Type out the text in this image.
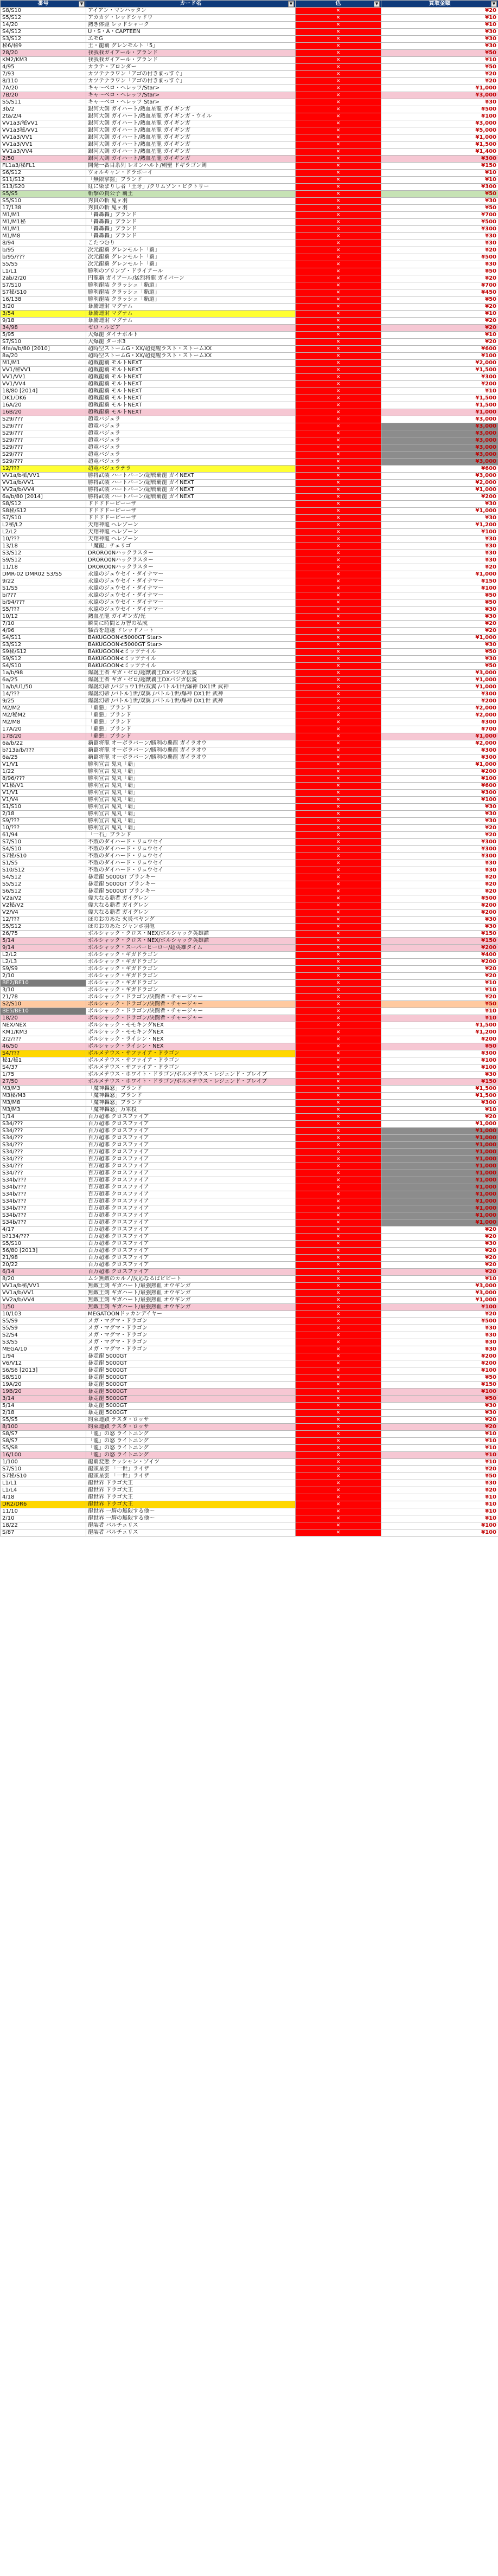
番号 ▼	カード名 ▼	色 ▼	買取金額 ▼

S8/S10	アイアン・マンハッタン	✕	¥20
S5/S12	アカカゲ・レッドシャドウ	✕	¥10
14/20	熱き体躯 レッドシャーク	✕	¥10
S4/S12	U・S・A・CAPTEEN	✕	¥30
S3/S12	エモG	✕	¥30
秘6/秘9	王・龍覇 グレンモルト「5」	✕	¥30
28/20	我我我ガイアール・ブランド	✕	¥50
KM2/KM3	我我我ガイアール・ブランド	✕	¥10
4/95	カラテ・ブロンダー	✕	¥50
7/93	カツテナラワン「アゴの付きまっすぐ」	✕	¥20
8/110	カツテナラワン「アゴの付きまっすぐ」	✕	¥20
7A/20	キャ〜ベロ・ヘレッツ/Star>	✕	¥1,000
7B/20	キャ〜ベロ・ヘレッツ/Star>	✕	¥3,000
S5/S11	キャ〜ベロ・ヘレッツ Star>	✕	¥30
3b/2	銀河大剣 ガイハート/熱血星龍 ガイギンガ	✕	¥500
2ta/2/4	銀河大剣 ガイハート/熱血星龍 ガイギンガ・ウイル	✕	¥100
VV1a3/秘VV1	銀河大剣 ガイハート/熱血星龍 ガイギンガ	✕	¥3,000
VV1a3秘/VV1	銀河大剣 ガイハート/熱血星龍 ガイギンガ	✕	¥5,000
VV1a3/VV1	銀河大剣 ガイハート/熱血星龍 ガイギンガ	✕	¥1,000
VV1a3/VV1	銀河大剣 ガイハート/熱血星龍 ガイギンガ	✕	¥1,500
VV1a3/VV4	銀河大剣 ガイハート/熱血星龍 ガイギンガ	✕	¥1,400
2/50	銀河大剣 ガイハート/熱血星龍 ガイギンガ	✕	¥300
FL1a3/秘FL1	開発一番目系列 レオンハルト/剣聖 ドギラゴン剣	✕	¥150
S6/S12	ヴォルキャン・ドラボーイ	✕	¥10
S11/S12	「無限掌握」ブランド	✕	¥10
S13/S20	紅に染まりし者「王牙」/クリムゾン・ビクトリー	✕	¥300
S5/S5	斬撃の貴公子 覇王	✕	¥50
S5/S10	秀貫の斬 鬼ヶ羽	✕	¥30
17/138	秀貫の斬 鬼ヶ羽	✕	¥50
M1/M1	「轟轟轟」ブランド	✕	¥700
M1/M1秘	「轟轟轟」ブランド	✕	¥500
M1/M1	「轟轟轟」ブランド	✕	¥300
M1/M8	「轟轟轟」ブランド	✕	¥30
8/94	こたつむり	✕	¥30
b/95	次元龍覇 グレンモルト「覇」	✕	¥20
b/95/???	次元龍覇 グレンモルト「覇」	✕	¥500
S5/S5	次元龍覇 グレンモルト「覇」	✕	¥30
L1/L1	勝利のプリンプ・ドライアール	✕	¥50
2ab/2/20	円龍覇 ガイアール/猛烈将龍 ガイバーン	✕	¥20
S7/S10	勝利龍装 クラッシュ「覇道」	✕	¥700
S7秘/S10	勝利龍装 クラッシュ「覇道」	✕	¥450
16/138	勝利龍装 クラッシュ「覇道」	✕	¥50
3/20	暴騰連射 マグナム	✕	¥20
3/54	暴騰連射 マグナム	✕	¥10
9/18	暴騰連射 マグナム	✕	¥20
34/98	ゼロ・ルピア	✕	¥20
5/95	大爆龍 ダイナボルト	✕	¥10
S7/S10	大爆龍 ターボ3	✕	¥20
4fa/a/b/80 [2010]	超時空ストームG・XX/超覚醒ラスト・ストームXX	✕	¥600
8a/20	超時空ストームG・XX/超覚醒ラスト・ストームXX	✕	¥100
M1/M1	超戦龍覇 モルトNEXT	✕	¥2,000
VV1/秘VV1	超戦龍覇 モルトNEXT	✕	¥1,500
VV1/VV1	超戦龍覇 モルトNEXT	✕	¥300
VV1/VV4	超戦龍覇 モルトNEXT	✕	¥200
18/80 [2014]	超戦龍覇 モルトNEXT	✕	¥10
DK1/DK6	超戦龍覇 モルトNEXT	✕	¥1,500
16A/20	超戦龍覇 モルトNEXT	✕	¥1,500
16B/20	超戦龍覇 モルトNEXT	✕	¥1,000
S29/???	超竜バジュラ	✕	¥3,000
S29/???	超竜バジュラ	✕	¥3,000
S29/???	超竜バジュラ	✕	¥3,000
S29/???	超竜バジュラ	✕	¥3,000
S29/???	超竜バジュラ	✕	¥3,000
S29/???	超竜バジュラ	✕	¥3,000
S29/???	超竜バジュラ	✕	¥3,000
12/???	超竜バジュラテラ	✕	¥600
VV1a/b秘/VV1	勝将武装 ハートバーン/超戦覇龍 ガイNEXT	✕	¥3,000
VV1a/b/VV1	勝将武装 ハートバーン/超戦覇龍 ガイNEXT	✕	¥2,000
VV2a/b/VV4	勝将武装 ハートバーン/超戦覇龍 ガイNEXT	✕	¥1,000
6a/b/80 [2014]	勝将武装 ハートバーン/超戦覇龍 ガイNEXT	✕	¥200
S8/S12	ドドドドーピーーザ	✕	¥30
S8秘/S12	ドドドドーピーーザ	✕	¥1,000
S7/S10	ドドドドーピーーザ	✕	¥30
L2秘/L2	天翔神龍 ヘレゾーン	✕	¥1,200
L2/L2	天翔神龍 ヘレゾーン	✕	¥100
10/???	天翔神龍 ヘレゾーン	✕	¥30
13/18	「魔龍」チェリゴ	✕	¥30
S3/S12	DRORO0Nハックラスター	✕	¥30
S9/S12	DRORO0Nハックラスター	✕	¥30
11/18	DRORO0Nハックラスター	✕	¥20
DMR-02 DMR02 S3/S5	永遠のジュウセイ・ダイナマー	✕	¥1,000
9/22	永遠のジュウセイ・ダイナマー	✕	¥150
S1/S5	永遠のジュウセイ・ダイナマー	✕	¥100
b/???	永遠のジュウセイ・ダイナマー	✕	¥50
b/94/???	永遠のジュウセイ・ダイナマー	✕	¥50
S5/???	永遠のジュウセイ・ダイナマー	✕	¥30
10/12	熱血星龍 ガイギンガ/光	✕	¥30
7/10	瞬間に時間と万智の私成	✕	¥20
4/96	騒音を超越 ドレッドノート	✕	¥20
S4/S11	BAKUGOON≮5000GT Star>	✕	¥1,000
S3/S12	BAKUGOON≮5000GT Star>	✕	¥30
S9秘/S12	BAKUGOON≮ミッツナイル	✕	¥50
S9/S12	BAKUGOON≮ミッツナイル	✕	¥30
S4/S10	BAKUGOON≮ミッツナイル	✕	¥50
1a/b/98	爆誕王者 ギガ・ゼロ/超獣覇王DXバジガ伝説	✕	¥3,000
6a/25	爆誕王者 ギガ・ゼロ/超獣覇王DXバジガ伝説	✕	¥1,000
1a/b/U1/50	爆誕幻帝 /バジョウ1世/双翼 /バトル1世/爆神 DX1世 武神	✕	¥1,000
14/???	爆誕幻帝 /バトル1世/双翼 /バトル1世/爆神 DX1世 武神	✕	¥300
9/25	爆誕幻帝 /バトル1世/双翼 /バトル1世/爆神 DX1世 武神	✕	¥200
M2/M2	「覇悪」ブランド	✕	¥2,000
M2/秘M2	「覇悪」ブランド	✕	¥2,000
M2/M8	「覇悪」ブランド	✕	¥300
17A/20	「覇悪」ブランド	✕	¥700
17B/20	「覇悪」ブランド	✕	¥1,000
6a/b/22	覇闘将龍 オーボラバーン/勝利の覇龍 ガイラオウ	✕	¥2,000
b?13a/b/???	覇闘将龍 オーボラバーン/勝利の覇龍 ガイラオウ	✕	¥300
6a/25	覇闘将龍 オーボラバーン/勝利の覇龍 ガイラオウ	✕	¥300
V1/V1	勝利宣言 鬼丸「覇」	✕	¥1,000
1/22	勝利宣言 鬼丸「覇」	✕	¥200
8/96/???	勝利宣言 鬼丸「覇」	✕	¥100
V1秘/V1	勝利宣言 鬼丸「覇」	✕	¥600
V1/V1	勝利宣言 鬼丸「覇」	✕	¥300
V1/V4	勝利宣言 鬼丸「覇」	✕	¥100
S1/S10	勝利宣言 鬼丸「覇」	✕	¥30
2/18	勝利宣言 鬼丸「覇」	✕	¥30
S9/???	勝利宣言 鬼丸「覇」	✕	¥30
10/???	勝利宣言 鬼丸「覇」	✕	¥20
61/94	「一石」ブランド	✕	¥20
S7/S10	不敗のダイハード・リュウセイ	✕	¥300
S4/S10	不敗のダイハード・リュウセイ	✕	¥300
S7秘/S10	不敗のダイハード・リュウセイ	✕	¥300
S1/S5	不敗のダイハード・リュウセイ	✕	¥30
S10/S12	不敗のダイハード・リュウセイ	✕	¥30
S4/S12	暴走龍 5000GT ブランキー	✕	¥20
S5/S12	暴走龍 5000GT ブランキー	✕	¥20
S6/S12	暴走龍 5000GT ブランキー	✕	¥20
V2a/V2	偉大なる覇者 ガイグレン	✕	¥500
V2秘/V2	偉大なる覇者 ガイグレン	✕	¥200
V2/V4	偉大なる覇者 ガイグレン	✕	¥200
12/???	ほのおのあた 火炎ペヤング	✕	¥30
S5/S12	ほのおのあた ジャンボ羽砲	✕	¥30
26/75	ボルシャック・クロス・NEX/ボルシャック英雄譚	✕	¥150
5/14	ボルシャック・クロス・NEX/ボルシャック英雄譚	✕	¥150
9/14	ボルシャック・スーパーヒーロー/超英雄タイム	✕	¥200
L2/L2	ボルシャック・ギガドラゴン	✕	¥400
L2/L3	ボルシャック・ギガドラゴン	✕	¥200
S9/S9	ボルシャック・ギガドラゴン	✕	¥20
2/10	ボルシャック・ギガドラゴン	✕	¥20
BE2/BE10	ボルシャック・ギガドラゴン	✕	¥10
3/10	ボルシャック・ギガドラゴン	✕	¥10
21/78	ボルシャック・ドラゴン/決闘者・チャージャー	✕	¥20
S2/S10	ボルシャック・ドラゴン/決闘者・チャージャー	✕	¥50
BE5/BE10	ボルシャック・ドラゴン/決闘者・チャージャー	✕	¥10
18/20	ボルシャック・ドラゴン/決闘者・チャージャー	✕	¥10
NEX/NEX	ボルシャック・モモキングNEX	✕	¥1,500
KM1/KM3	ボルシャック・モモキングNEX	✕	¥1,200
2/2/???	ボルシャック・ライシン・NEX	✕	¥200
46/50	ボルシャック・ライシン・NEX	✕	¥50
S4/???	ボルメテウス・サファイア・ドラゴン	✕	¥300
秘1/秘1	ボルメテウス・サファイア・ドラゴン	✕	¥100
S4/37	ボルメテウス・サファイア・ドラゴン	✕	¥100
1/75	ボルメテウス・ホワイト・ドラゴン/ボルメテウス・レジェンド・ブレイブ	✕	¥30
27/50	ボルメテウス・ホワイト・ドラゴン/ボルメテウス・レジェンド・ブレイブ	✕	¥150
M3/M3	「魔神轟怒」ブランド	✕	¥1,500
M3秘/M3	「魔神轟怒」ブランド	✕	¥1,500
M3/M8	「魔神轟怒」ブランド	✕	¥300
M3/M3	「魔神轟怒」万軍投	✕	¥10
1/14	百万超邪 クロスファイア	✕	¥20
S34/???	百万超邪 クロスファイア	✕	¥1,000
S34/???	百万超邪 クロスファイア	✕	¥1,000
S34/???	百万超邪 クロスファイア	✕	¥1,000
S34/???	百万超邪 クロスファイア	✕	¥1,000
S34/???	百万超邪 クロスファイア	✕	¥1,000
S34/???	百万超邪 クロスファイア	✕	¥1,000
S34/???	百万超邪 クロスファイア	✕	¥1,000
S34/???	百万超邪 クロスファイア	✕	¥1,000
S34b/???	百万超邪 クロスファイア	✕	¥1,000
S34b/???	百万超邪 クロスファイア	✕	¥1,000
S34b/???	百万超邪 クロスファイア	✕	¥1,000
S34b/???	百万超邪 クロスファイア	✕	¥1,000
S34b/???	百万超邪 クロスファイア	✕	¥1,000
S34b/???	百万超邪 クロスファイア	✕	¥1,000
S34b/???	百万超邪 クロスファイア	✕	¥1,000
4/17	百万超邪 クロスファイア	✕	¥20
b?134/???	百万超邪 クロスファイア	✕	¥20
S5/S10	百万超邪 クロスファイア	✕	¥30
56/80 [2013]	百万超邪 クロスファイア	✕	¥20
21/98	百万超邪 クロスファイア	✕	¥20
20/22	百万超邪 クロスファイア	✕	¥20
6/14	百万超邪 クロスファイア	✕	¥20
8/20	ムシ無敵のカルノ/反応なるばビビート	✕	¥10
VV1a/b秘/VV1	無敵王剣 ギガハート/最強熱血 オウギンガ	✕	¥3,000
VV1a/b/VV1	無敵王剣 ギガハート/最強熱血 オウギンガ	✕	¥3,000
VV2a/b/VV4	無敵王剣 ギガハート/最強熱血 オウギンガ	✕	¥1,000
1/50	無敵王剣 ギガハート/最強熱血 オウギンガ	✕	¥100
10/103	MEGATOONドッカンデイヤー	✕	¥20
S5/S9	メガ・マグマ・ドラゴン	✕	¥500
S5/S9	メガ・マグマ・ドラゴン	✕	¥30
S2/S4	メガ・マグマ・ドラゴン	✕	¥30
S3/S5	メガ・マグマ・ドラゴン	✕	¥30
MEGA/10	メガ・マグマ・ドラゴン	✕	¥30
1/94	暴走龍 5000GT	✕	¥200
V6/V12	暴走龍 5000GT	✕	¥200
S6/S6 [2013]	暴走龍 5000GT	✕	¥100
S8/S10	暴走龍 5000GT	✕	¥50
19A/20	暴走龍 5000GT	✕	¥150
19B/20	暴走龍 5000GT	✕	¥100
3/14	暴走龍 5000GT	✕	¥50
5/14	暴走龍 5000GT	✕	¥30
2/18	暴走龍 5000GT	✕	¥30
S5/S5	約束連鎖 テスタ・ロッサ	✕	¥20
8/100	約束連鎖 テスタ・ロッサ	✕	¥20
S8/S7	「龍」の怒 ライトニング	✕	¥10
S8/S7	「龍」の怒 ライトニング	✕	¥10
S5/S8	「龍」の怒 ライトニング	✕	¥10
16/100	「龍」の怒 ライトニング	✕	¥10
1/100	龍覇変態 ケッシャン・ゾイツ	✕	¥10
S7/S10	龍頭星雲 「一世」ライザ	✕	¥20
S7秘/S10	龍頭星雲 「一世」ライザ	✕	¥50
L1/L1	龍世界 ドラゴ大王	✕	¥30
L1/L4	龍世界 ドラゴ大王	✕	¥20
4/18	龍世界 ドラゴ大王	✕	¥10
DR2/DR6	龍世界 ドラゴ大王	✕	¥10
11/10	龍世界 一騎の無限する他〜	✕	¥10
2/10	龍世界 一騎の無限する他〜	✕	¥10
18/22	龍装者 バルチュリス	✕	¥100
S/87	龍装者 バルチュリス	✕	¥100
